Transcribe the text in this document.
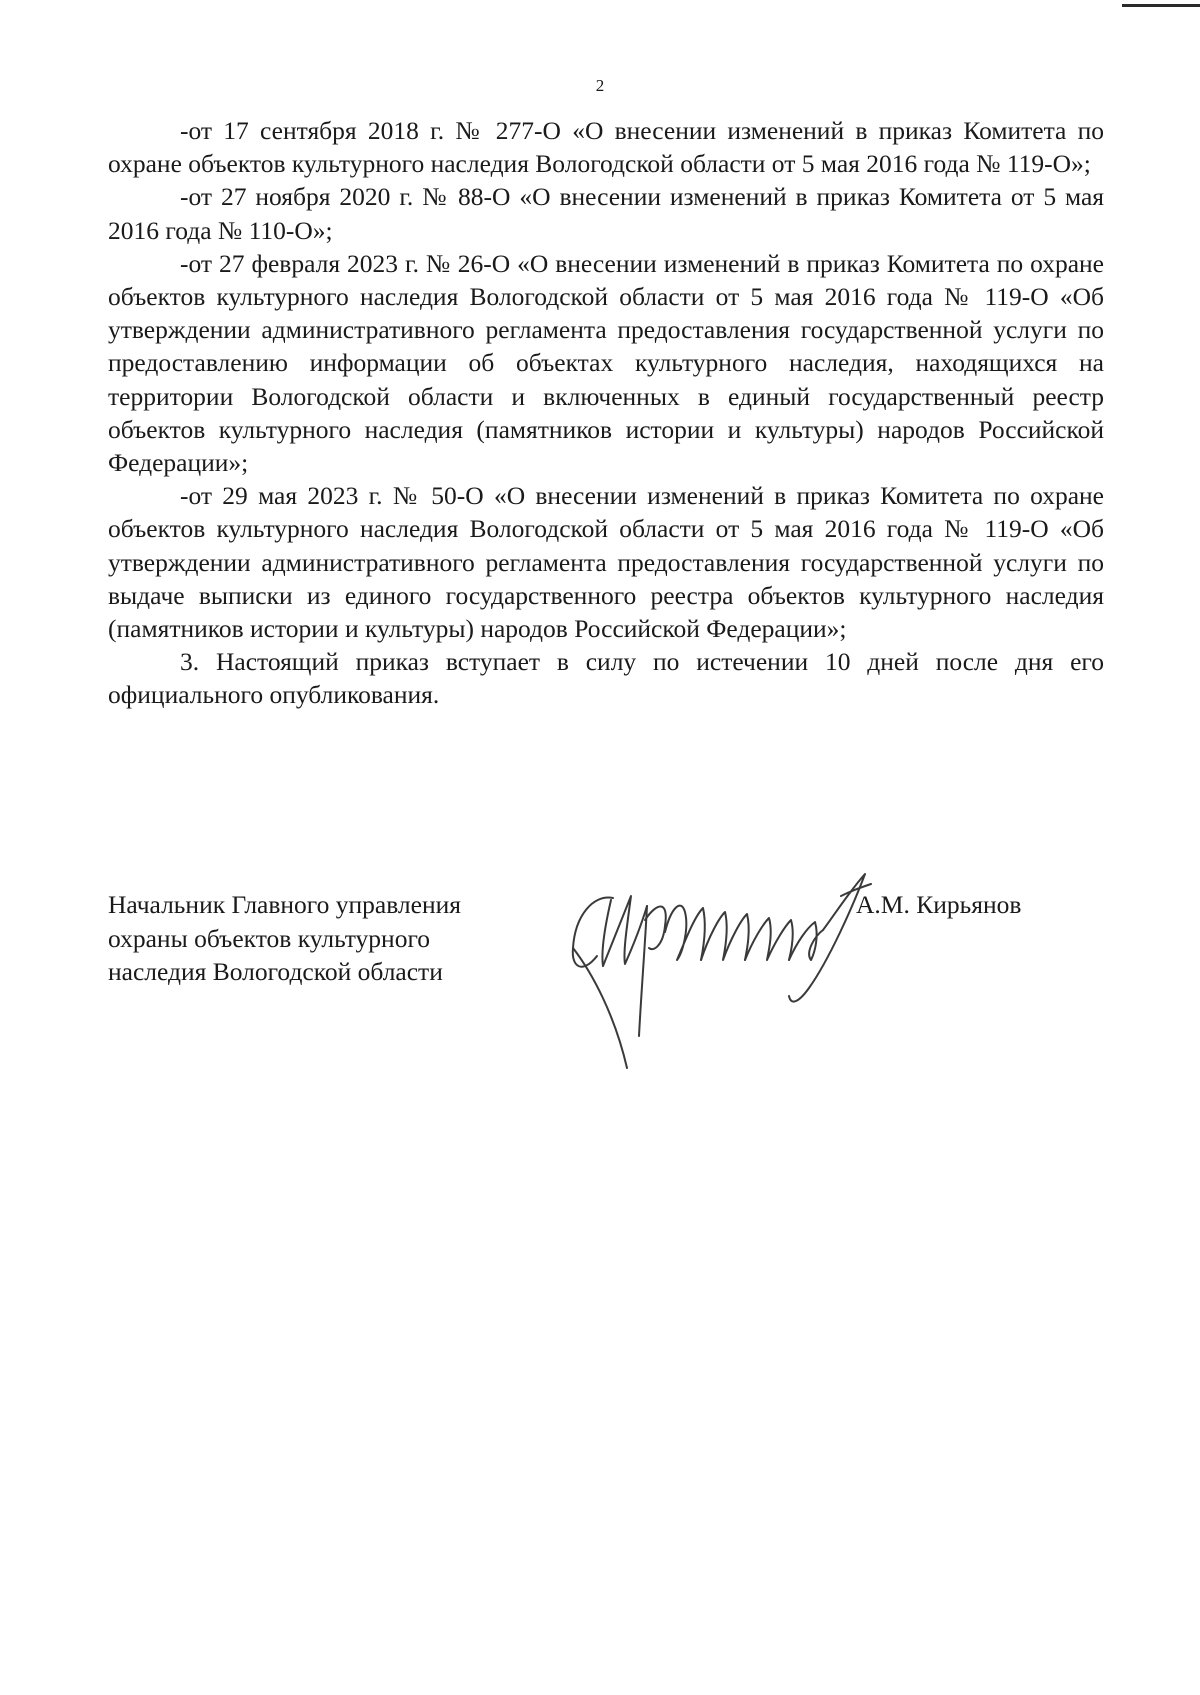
2

-от 17 сентября 2018 г. № 277-О «О внесении изменений в приказ Комитета по охране объектов культурного наследия Вологодской области от 5 мая 2016 года № 119-О»;

-от 27 ноября 2020 г. № 88-О «О внесении изменений в приказ Комитета от 5 мая 2016 года № 110-О»;

-от 27 февраля 2023 г. № 26-О «О внесении изменений в приказ Комитета по охране объектов культурного наследия Вологодской области от 5 мая 2016 года № 119-О «Об утверждении административного регламента предоставления государственной услуги по предоставлению информации об объектах культурного наследия, находящихся на территории Вологодской области и включенных в единый государственный реестр объектов культурного наследия (памятников истории и культуры) народов Российской Федерации»;

-от 29 мая 2023 г. № 50-О «О внесении изменений в приказ Комитета по охране объектов культурного наследия Вологодской области от 5 мая 2016 года № 119-О «Об утверждении административного регламента предоставления государственной услуги по выдаче выписки из единого государственного реестра объектов культурного наследия (памятников истории и культуры) народов Российской Федерации»;

3. Настоящий приказ вступает в силу по истечении 10 дней после дня его официального опубликования.

Начальник Главного управления
охраны объектов культурного
наследия Вологодской области
А.М. Кирьянов
